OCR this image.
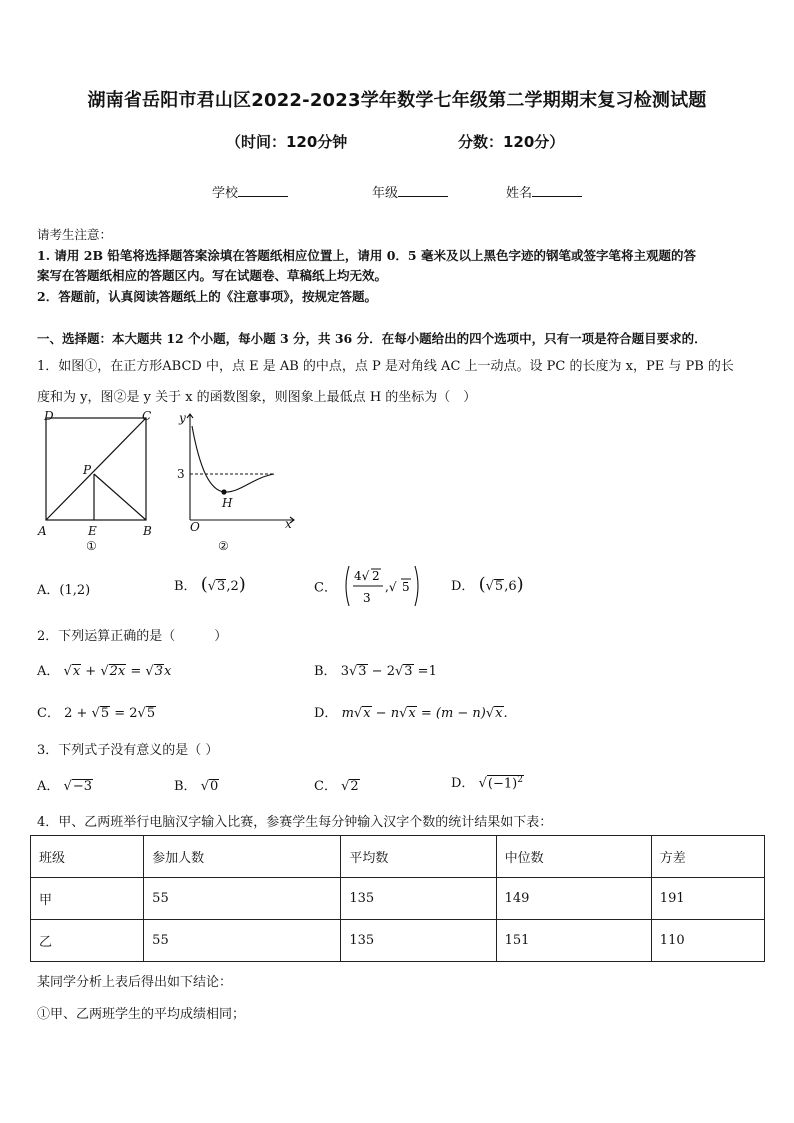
湖南省岳阳市君山区2022-2023学年数学七年级第二学期期末复习检测试题
（时间：120分钟	分数：120分）
学校	年级	姓名
请考生注意：
1. 请用 2B 铅笔将选择题答案涂填在答题纸相应位置上，请用 0．5 毫米及以上黑色字迹的钢笔或签字笔将主观题的答
案写在答题纸相应的答题区内。写在试题卷、草稿纸上均无效。
2．答题前，认真阅读答题纸上的《注意事项》，按规定答题。
一、选择题：本大题共 12 个小题，每小题 3 分，共 36 分．在每小题给出的四个选项中，只有一项是符合题目要求的．
1．如图①，在正方形ABCD 中，点 E 是 AB 的中点，点 P 是对角线 AC 上一动点。设 PC 的长度为 x，PE 与 PB 的长
度和为 y，图②是 y 关于 x 的函数图象，则图象上最低点 H 的坐标为（　）
D	C
P
A	E	B
①
y
3
H
O	x
②
A．(1,2)	B． (√3,2)	C．
4√ 2
3
,√ 5	D． (√5,6)
2．下列运算正确的是（　　　）
A． √x + √2x = √3x	B． 3√3 − 2√3 =1
C． 2 + √5 = 2√5	D． m√x − n√x = (m − n)√x.
3．下列式子没有意义的是（ ）
A． √−3	B． √0	C． √2	D． $√(-1)^2$
4．甲、乙两班举行电脑汉字输入比赛，参赛学生每分钟输入汉字个数的统计结果如下表：
班级	参加人数	平均数	中位数	方差
甲	55	135	149	191
乙	55	135	151	110
某同学分析上表后得出如下结论：
①甲、乙两班学生的平均成绩相同；
